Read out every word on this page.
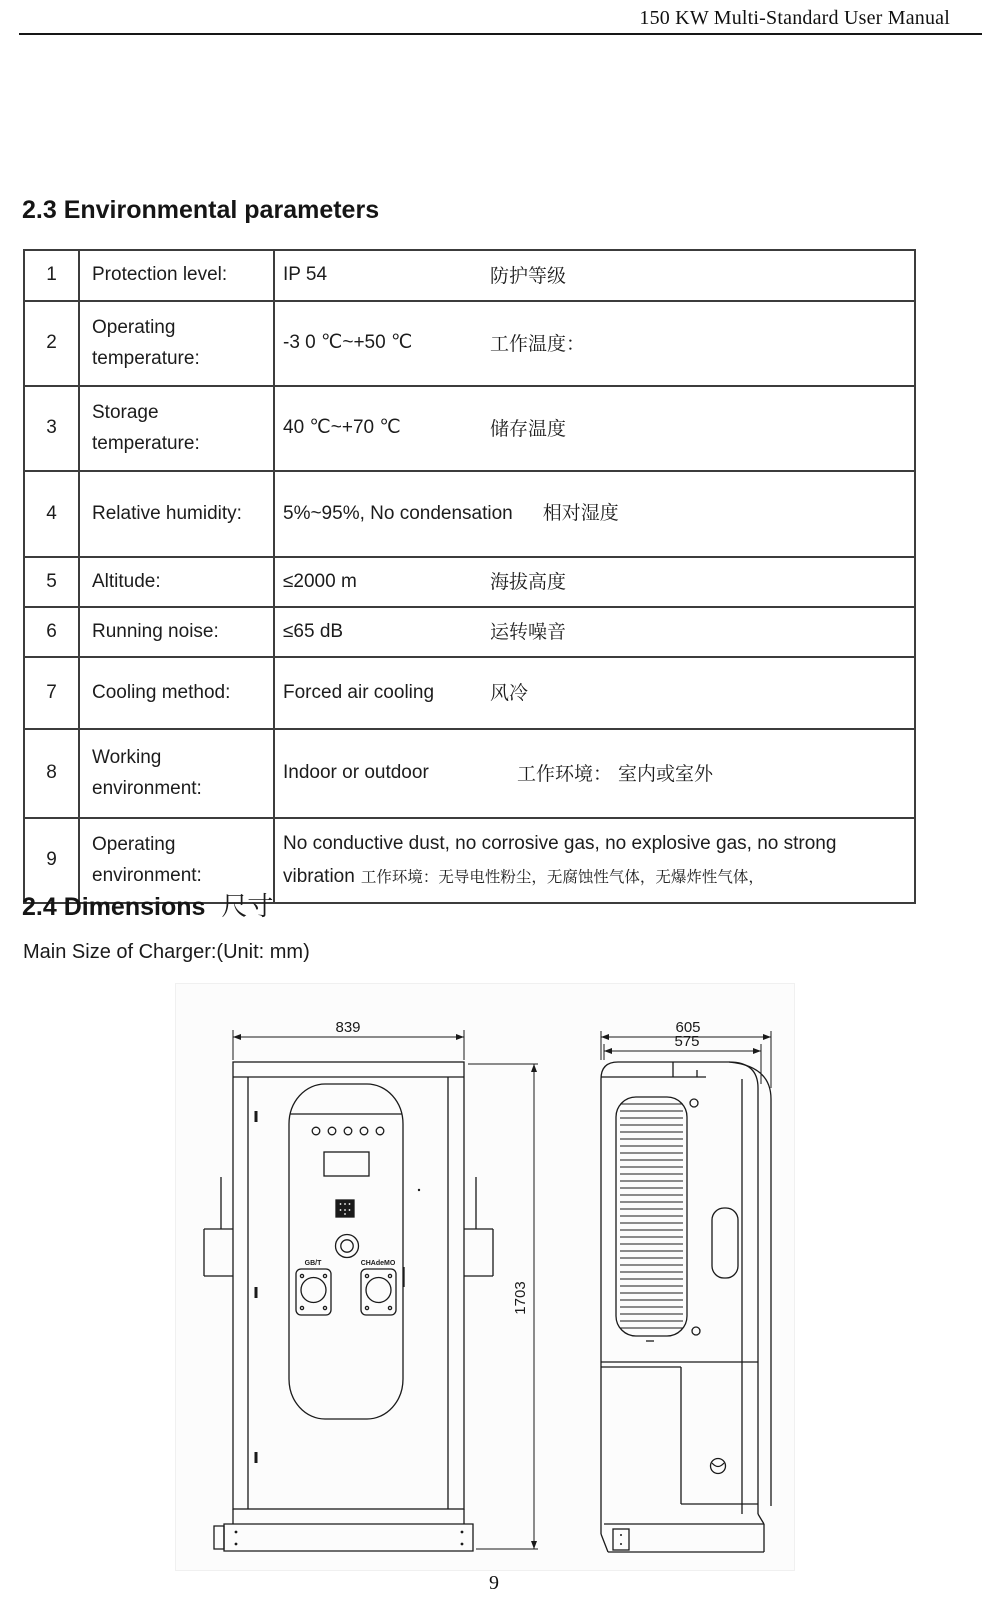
150 KW Multi-Standard User Manual
2.3 Environmental parameters
1	Protection level:	IP 54 防护等级

2	Operating temperature:	-3 0 ℃~+50 ℃ 工作温度：

3	Storage temperature:	40 ℃~+70 ℃ 储存温度

4	Relative humidity:	5%~95%, No condensation 相对湿度
5	Altitude:	≤2000 m 海拔高度

6	Running noise:	≤65 dB 运转噪音

7	Cooling method:	Forced air cooling 风冷

8	Working environment:	Indoor or outdoor 工作环境： 室内或室外

9	Operating environment:	No conductive dust, no corrosive gas, no explosive gas, no strong vibration 工作环境：无导电性粉尘，无腐蚀性气体，无爆炸性气体，
2.4 Dimensions 尺寸
Main Size of Charger:(Unit: mm)
839
1703
GB/T	CHAdeMO
605
575
9
